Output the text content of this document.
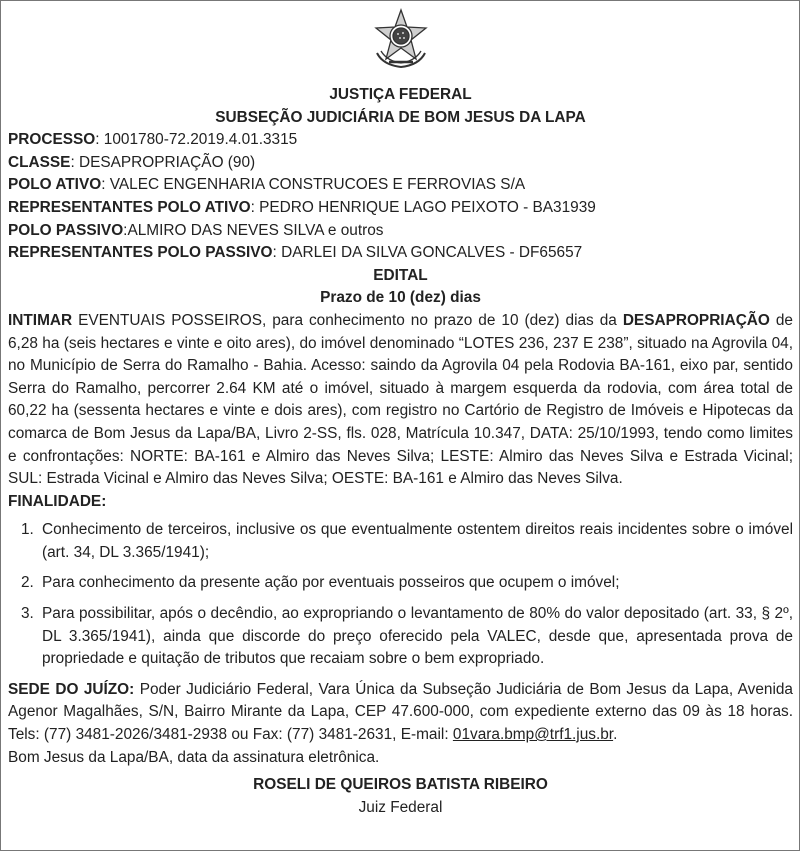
JUSTIÇA FEDERAL
SUBSEÇÃO JUDICIÁRIA DE BOM JESUS DA LAPA
PROCESSO: 1001780-72.2019.4.01.3315
CLASSE: DESAPROPRIAÇÃO (90)
POLO ATIVO: VALEC ENGENHARIA CONSTRUCOES E FERROVIAS S/A
REPRESENTANTES POLO ATIVO: PEDRO HENRIQUE LAGO PEIXOTO - BA31939
POLO PASSIVO:ALMIRO DAS NEVES SILVA e outros
REPRESENTANTES POLO PASSIVO: DARLEI DA SILVA GONCALVES - DF65657
EDITAL
Prazo de 10 (dez) dias
INTIMAR EVENTUAIS POSSEIROS, para conhecimento no prazo de 10 (dez) dias da DESAPROPRIAÇÃO de 6,28 ha (seis hectares e vinte e oito ares), do imóvel denominado “LOTES 236, 237 E 238”, situado na Agrovila 04, no Município de Serra do Ramalho - Bahia. Acesso: saindo da Agrovila 04 pela Rodovia BA-161, eixo par, sentido Serra do Ramalho, percorrer 2.64 KM até o imóvel, situado à margem esquerda da rodovia, com área total de 60,22 ha (sessenta hectares e vinte e dois ares), com registro no Cartório de Registro de Imóveis e Hipotecas da comarca de Bom Jesus da Lapa/BA, Livro 2-SS, fls. 028, Matrícula 10.347, DATA: 25/10/1993, tendo como limites e confrontações: NORTE: BA-161 e Almiro das Neves Silva; LESTE: Almiro das Neves Silva e Estrada Vicinal; SUL: Estrada Vicinal e Almiro das Neves Silva; OESTE: BA-161 e Almiro das Neves Silva.
FINALIDADE:
1. Conhecimento de terceiros, inclusive os que eventualmente ostentem direitos reais incidentes sobre o imóvel (art. 34, DL 3.365/1941);
2. Para conhecimento da presente ação por eventuais posseiros que ocupem o imóvel;
3. Para possibilitar, após o decêndio, ao expropriando o levantamento de 80% do valor depositado (art. 33, § 2º, DL 3.365/1941), ainda que discorde do preço oferecido pela VALEC, desde que, apresentada prova de propriedade e quitação de tributos que recaiam sobre o bem expropriado.
SEDE DO JUÍZO: Poder Judiciário Federal, Vara Única da Subseção Judiciária de Bom Jesus da Lapa, Avenida Agenor Magalhães, S/N, Bairro Mirante da Lapa, CEP 47.600-000, com expediente externo das 09 às 18 horas. Tels: (77) 3481-2026/3481-2938 ou Fax: (77) 3481-2631, E-mail: 01vara.bmp@trf1.jus.br.
Bom Jesus da Lapa/BA, data da assinatura eletrônica.
ROSELI DE QUEIROS BATISTA RIBEIRO
Juiz Federal
